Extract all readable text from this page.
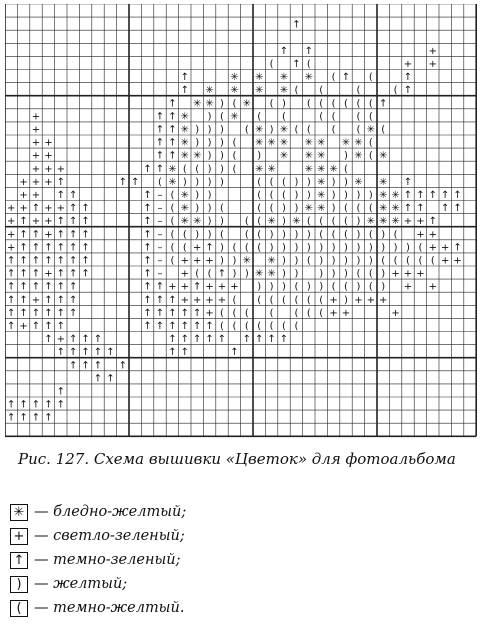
↑
↑ ↑	+
( ↑ (	+ +
↑	✳ ✳ ✳ ✳ ( ↑ (	↑
↑ ✳ ✳ ✳ ✳ ( (	(	( ↑
↑ ✳ ✳ ) ( ✳ ( ) ( ( ( ( ( ( ↑
+	↑ ↑ ✳ ) ( ✳ ( (	( ( ( (
+	↑ ↑ ✳ ) ) ) ( ✳ ) ✳ ( ( ( ( ✳ (
+ +	↑ ↑ ✳ ) ) ) ( ✳ ✳ ✳ ✳ ✳ ✳ ✳ (
+ +	↑ ↑ ✳ ✳ ) ) ( ) ✳ ✳ ✳ ) ✳ ( ✳
+ + +	↑ ↑ ✳ ( ( ) ) ( ✳ ✳	✳ ✳ ✳ (
+ + + ↑	↑ ↑ ( ✳ ) ) ) )	( ( ( ) ) ✳ ) ) ✳ ✳ ↑
+ + ↑ ↑	↑ – ( ✳ ) )	( ( ( ) ) ✳ ) ) ) ) ✳ ✳ ↑ ↑ ↑ ↑ ↑
+ + ↑ + + ↑ ↑	↑ – ( ✳ ) ) (	( ( ) ) ✳ ✳ ) ( ( ( ✳ ✳ ↑ ↑ ↑ ↑
+ ↑ + + ↑ ↑ ↑	↑ – ( ✳ ✳ ) ) ( ( ✳ ) ✳ ( ( ( ( ) ✳ ✳ ✳ + + ↑
+ ↑ ↑ + ↑ ↑ ↑	↑ – ( ( ) ) ( ( ( ) ) ) ) ( ( ( ) ( ) ( + +
+ ↑ ↑ ↑ ↑ ↑ ↑	↑ – ( ( + ↑ ) ( ( ( ) ) ) ) ) ) ) ) ) ) ) ) ( + + ↑
↑ ↑ ↑ ↑ ↑ ↑ ↑	↑ – ( + + + ) ) ✳ ✳ ) ) ( ) ) ) ) ) ( ( ( ( ( + +
↑ ↑ ↑ + ↑ ↑ ↑	↑ – + ( ( ↑ ) ) ✳ ✳ ) ) ) ) ) ( ( ) + + +
↑ ↑ ↑ ↑ ↑ ↑	↑ ↑ + + ↑ + + + ) ) ) ( ) ) ( ( ) ( ) + +
↑ ↑ + ↑ ↑ ↑	↑ ↑ ↑ + + + + ( ( ( ( ( ( ( + ) + + +
↑ ↑ ↑ ↑ ↑ ↑	↑ ↑ ↑ ↑ ↑ + ( ( ( ( ( ( ( + +	+
↑ + ↑ ↑ ↑	↑ ↑ ↑ ↑ ↑ ↑ ( ( ( ( ( ( (
↑ + ↑ ↑ ↑	↑ ↑ ↑ ↑ ↑ ↑ ↑ ↑ ↑
↑ ↑ ↑ ↑ ↑	↑ ↑	↑
↑ ↑ ↑ ↑
↑ ↑
↑
↑ ↑ ↑ ↑ ↑
↑ ↑ ↑ ↑
Рис. 127. Схема вышивки «Цветок» для фотоальбома
✳ — бледно-желтый;
+ — светло-зеленый;
↑ — темно-зеленый;
) — желтый;
( — темно-желтый.
